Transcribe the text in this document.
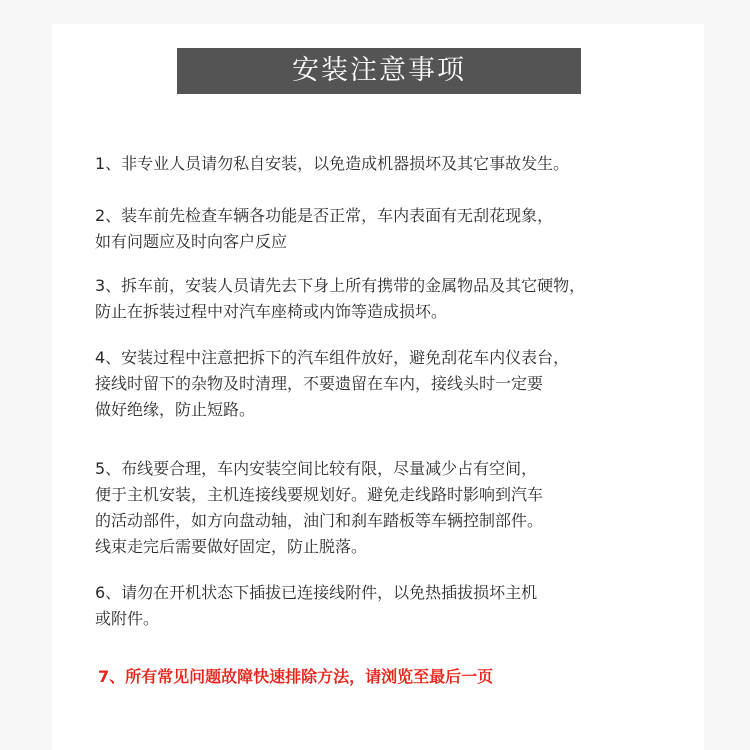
安装注意事项
1、非专业人员请勿私自安装，以免造成机器损坏及其它事故发生。
2、装车前先检查车辆各功能是否正常，车内表面有无刮花现象，
如有问题应及时向客户反应
3、拆车前，安装人员请先去下身上所有携带的金属物品及其它硬物，
防止在拆装过程中对汽车座椅或内饰等造成损坏。
4、安装过程中注意把拆下的汽车组件放好，避免刮花车内仪表台，
接线时留下的杂物及时清理，不要遗留在车内，接线头时一定要
做好绝缘，防止短路。
5、布线要合理，车内安装空间比较有限，尽量减少占有空间，
便于主机安装，主机连接线要规划好。避免走线路时影响到汽车
的活动部件，如方向盘动轴，油门和刹车踏板等车辆控制部件。
线束走完后需要做好固定，防止脱落。
6、请勿在开机状态下插拔已连接线附件，以免热插拔损坏主机
或附件。
7、所有常见问题故障快速排除方法，请浏览至最后一页
